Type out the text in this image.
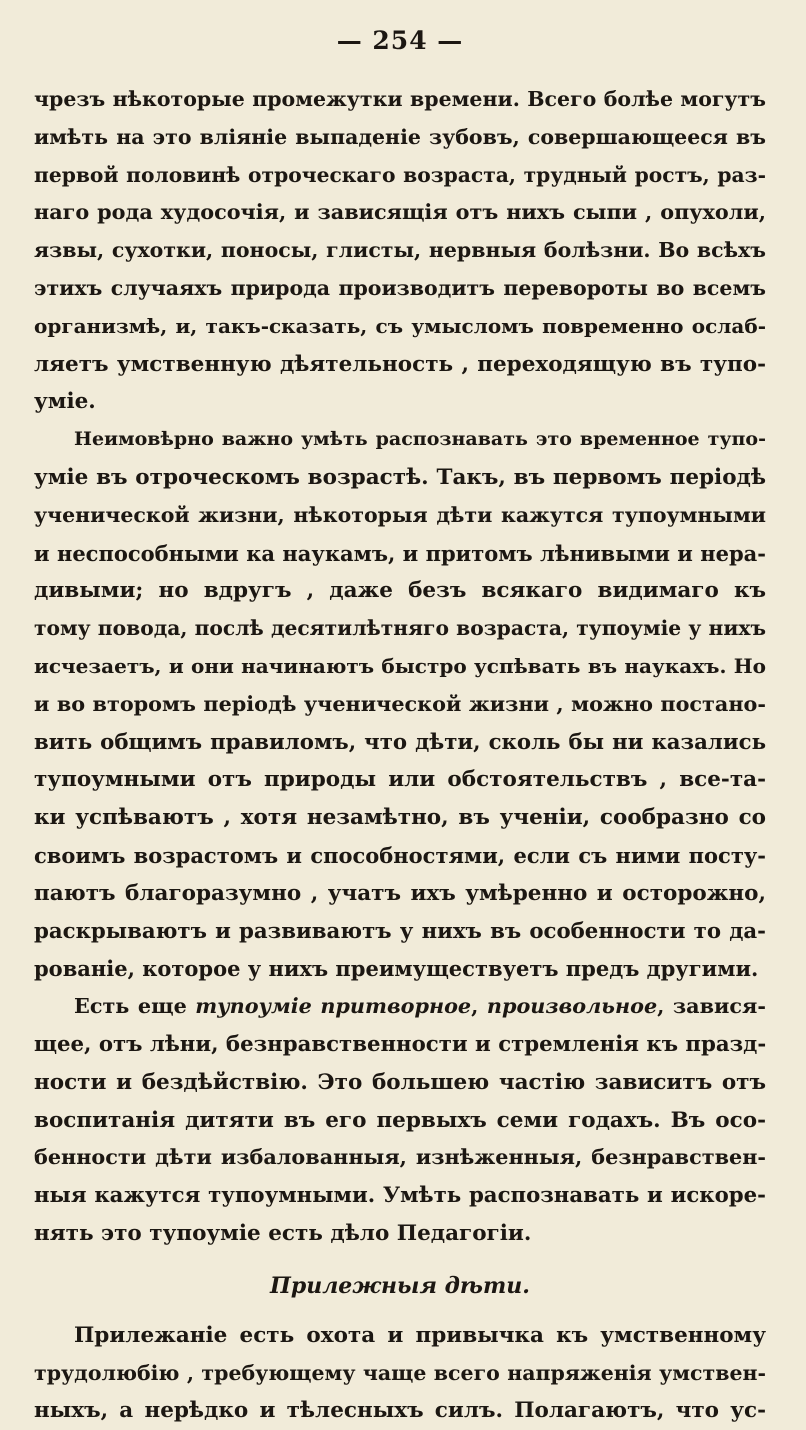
— 254 —

чрезъ нѣкоторые промежутки времени. Всего болѣе могутъ
имѣть на это вліяніе выпаденіе зубовъ, совершающееся въ
первой половинѣ отроческаго возраста, трудный ростъ, раз-
наго рода худосочія, и зависящія отъ нихъ сыпи , опухоли,
язвы, сухотки, поносы, глисты, нервныя болѣзни. Во всѣхъ
этихъ случаяхъ природа производитъ перевороты во всемъ
организмѣ, и, такъ-сказать, съ умысломъ повременно ослаб-
ляетъ умственную дѣятельность , переходящую въ тупо-
уміе.

Неимовѣрно важно умѣть распознавать это временное тупо-
уміе въ отроческомъ возрастѣ. Такъ, въ первомъ періодѣ
ученической жизни, нѣкоторыя дѣти кажутся тупоумными
и неспособными ка наукамъ, и притомъ лѣнивыми и нера-
дивыми; но вдругъ , даже безъ всякаго видимаго къ
тому повода, послѣ десятилѣтняго возраста, тупоуміе у нихъ
исчезаетъ, и они начинаютъ быстро успѣвать въ наукахъ. Но
и во второмъ періодѣ ученической жизни , можно постано-
вить общимъ правиломъ, что дѣти, сколь бы ни казались
тупоумными отъ природы или обстоятельствъ , все-та-
ки успѣваютъ , хотя незамѣтно, въ ученіи, сообразно со
своимъ возрастомъ и способностями, если съ ними посту-
паютъ благоразумно , учатъ ихъ умѣренно и осторожно,
раскрываютъ и развиваютъ у нихъ въ особенности то да-
рованіе, которое у нихъ преимуществуетъ предъ другими.

Есть еще тупоуміе притворное, произвольное, завися-
щее, отъ лѣни, безнравственности и стремленія къ празд-
ности и бездѣйствію. Это большею частію зависитъ отъ
воспитанія дитяти въ его первыхъ семи годахъ. Въ осо-
бенности дѣти избалованныя, изнѣженныя, безнравствен-
ныя кажутся тупоумными. Умѣть распознавать и искоре-
нять это тупоуміе есть дѣло Педагогіи.

Прилежныя дѣти.

Прилежаніе есть охота и привычка къ умственному
трудолюбію , требующему чаще всего напряженія умствен-
ныхъ, а нерѣдко и тѣлесныхъ силъ. Полагаютъ, что ус-
